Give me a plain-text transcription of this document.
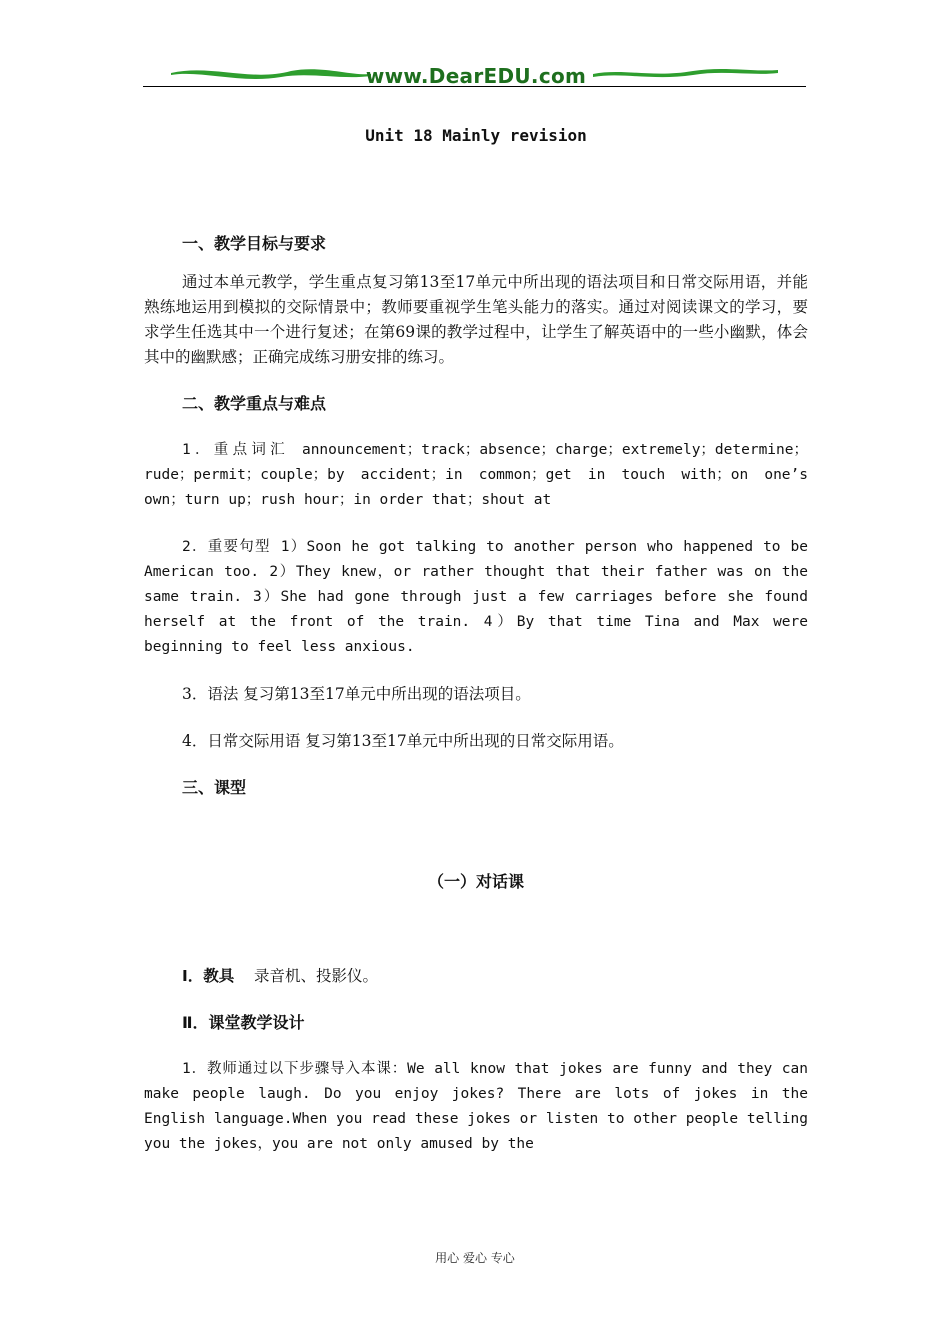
www.DearEDU.com
Unit 18 Mainly revision
一、教学目标与要求

通过本单元教学，学生重点复习第13至17单元中所出现的语法项目和日常交际用语，并能熟练地运用到模拟的交际情景中；教师要重视学生笔头能力的落实。通过对阅读课文的学习，要求学生任选其中一个进行复述；在第69课的教学过程中，让学生了解英语中的一些小幽默，体会其中的幽默感；正确完成练习册安排的练习。

二、教学重点与难点

1．重点词汇 announcement；track；absence；charge；extremely；determine；rude；permit；couple；by accident；in common；get in touch with；on one’s own；turn up；rush hour；in order that；shout at

2．重要句型 1）Soon he got talking to another person who happened to be American too. 2）They knew，or rather thought that their father was on the same train. 3）She had gone through just a few carriages before she found herself at the front of the train. 4）By that time Tina and Max were beginning to feel less anxious.

3．语法 复习第13至17单元中所出现的语法项目。

4．日常交际用语 复习第13至17单元中所出现的日常交际用语。

三、课型
（一）对话课

Ⅰ．教具 录音机、投影仪。

Ⅱ．课堂教学设计

1．教师通过以下步骤导入本课：We all know that jokes are funny and they can make people laugh. Do you enjoy jokes? There are lots of jokes in the English language.When you read these jokes or listen to other people telling you the jokes，you are not only amused by the

用心 爱心 专心
